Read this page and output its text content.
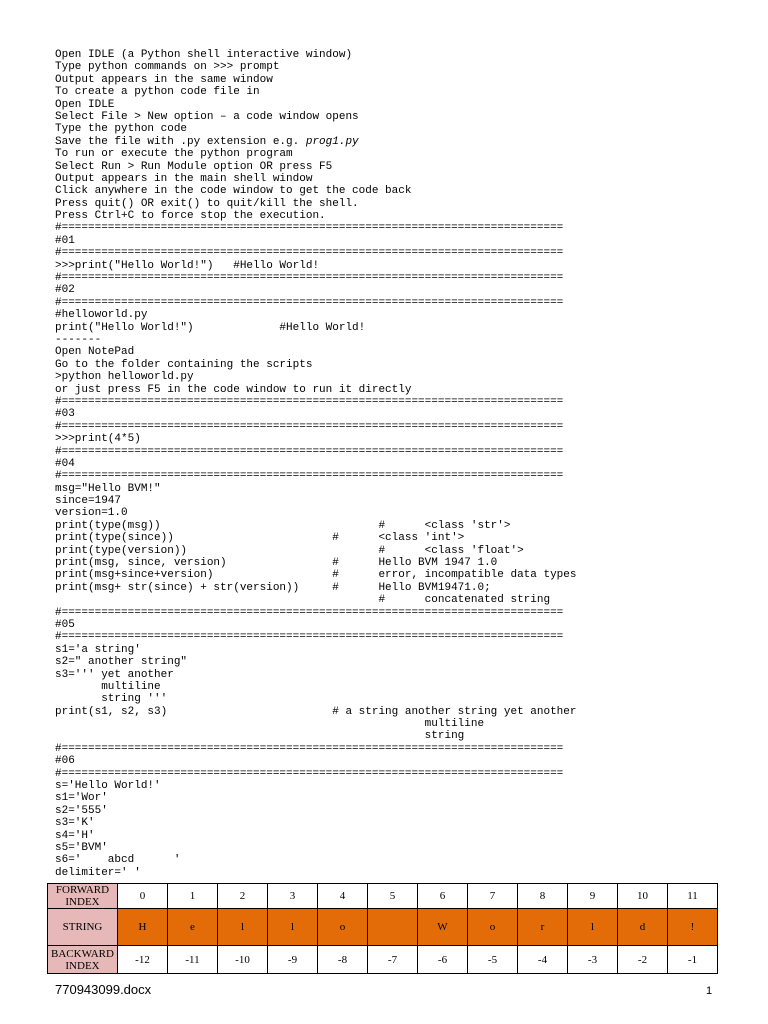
Open IDLE (a Python shell interactive window)
Type python commands on >>> prompt
Output appears in the same window
To create a python code file in
Open IDLE
Select File > New option – a code window opens
Type the python code
Save the file with .py extension e.g. prog1.py
To run or execute the python program
Select Run > Run Module option OR press F5
Output appears in the main shell window
Click anywhere in the code window to get the code back
Press quit() OR exit() to quit/kill the shell.
Press Ctrl+C to force stop the execution.
#============================================================================
#01
#============================================================================
>>>print("Hello World!")   #Hello World!
#============================================================================
#02
#============================================================================
#helloworld.py
print("Hello World!")             #Hello World!
-------
Open NotePad
Go to the folder containing the scripts
>python helloworld.py
or just press F5 in the code window to run it directly
#============================================================================
#03
#============================================================================
>>>print(4*5)
#============================================================================
#04
#============================================================================
msg="Hello BVM!"
since=1947
version=1.0
print(type(msg))                                 #      <class 'str'>
print(type(since))                        #      <class 'int'>
print(type(version))                             #      <class 'float'>
print(msg, since, version)                #      Hello BVM 1947 1.0
print(msg+since+version)                  #      error, incompatible data types
print(msg+ str(since) + str(version))     #      Hello BVM19471.0;
#      concatenated string
#============================================================================
#05
#============================================================================
s1='a string'
s2=" another string"
s3=''' yet another
multiline
string '''
print(s1, s2, s3)                         # a string another string yet another
multiline
string
#============================================================================
#06
#============================================================================
s='Hello World!'
s1='Wor'
s2='555'
s3='K'
s4='H'
s5='BVM'
s6='    abcd      '
delimiter=' '
FORWARD INDEX	0	1	2	3	4	5	6	7	8	9	10	11
STRING	H	e	l	l	o		W	o	r	l	d	!
BACKWARD INDEX	-12	-11	-10	-9	-8	-7	-6	-5	-4	-3	-2	-1
770943099.docx	1
